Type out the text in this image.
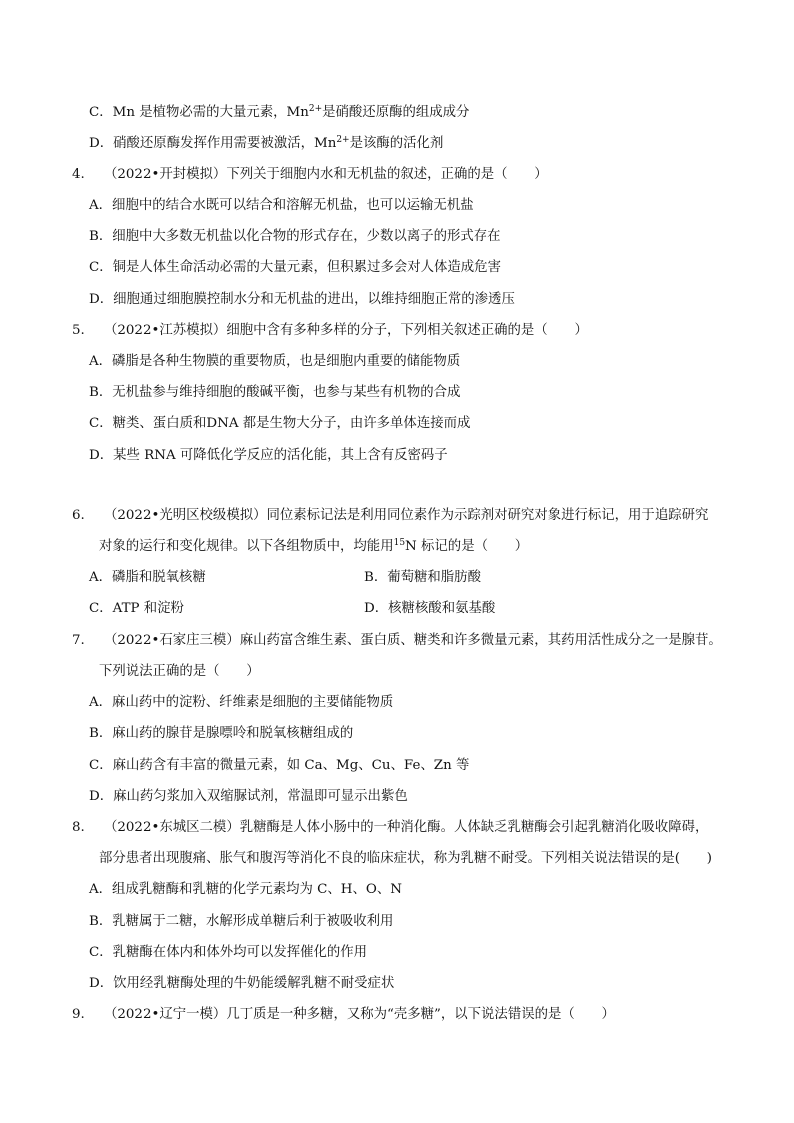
C．Mn 是植物必需的大量元素，$Mn^{2+}$是硝酸还原酶的组成成分
D．硝酸还原酶发挥作用需要被激活，$Mn^{2+}$是该酶的活化剂
4. （2022•开封模拟）下列关于细胞内水和无机盐的叙述，正确的是（　　）
A．细胞中的结合水既可以结合和溶解无机盐，也可以运输无机盐
B．细胞中大多数无机盐以化合物的形式存在，少数以离子的形式存在
C．铜是人体生命活动必需的大量元素，但积累过多会对人体造成危害
D．细胞通过细胞膜控制水分和无机盐的进出，以维持细胞正常的渗透压
5. （2022•江苏模拟）细胞中含有多种多样的分子，下列相关叙述正确的是（　　）
A．磷脂是各种生物膜的重要物质，也是细胞内重要的储能物质
B．无机盐参与维持细胞的酸碱平衡，也参与某些有机物的合成
C．糖类、蛋白质和DNA 都是生物大分子，由许多单体连接而成
D．某些 RNA 可降低化学反应的活化能，其上含有反密码子
6. （2022•光明区校级模拟）同位素标记法是利用同位素作为示踪剂对研究对象进行标记，用于追踪研究
对象的运行和变化规律。以下各组物质中，均能用$^{15}$N 标记的是（　　）
A．磷脂和脱氧核糖	B．葡萄糖和脂肪酸
C．ATP 和淀粉	D．核糖核酸和氨基酸
7. （2022•石家庄三模）麻山药富含维生素、蛋白质、糖类和许多微量元素，其药用活性成分之一是腺苷。
下列说法正确的是（　　）
A．麻山药中的淀粉、纤维素是细胞的主要储能物质
B．麻山药的腺苷是腺嘌呤和脱氧核糖组成的
C．麻山药含有丰富的微量元素，如 Ca、Mg、Cu、Fe、Zn 等
D．麻山药匀浆加入双缩脲试剂，常温即可显示出紫色
8. （2022•东城区二模）乳糖酶是人体小肠中的一种消化酶。人体缺乏乳糖酶会引起乳糖消化吸收障碍，
部分患者出现腹痛、胀气和腹泻等消化不良的临床症状，称为乳糖不耐受。下列相关说法错误的是(　　)
A．组成乳糖酶和乳糖的化学元素均为 C、H、O、N
B．乳糖属于二糖，水解形成单糖后利于被吸收利用
C．乳糖酶在体内和体外均可以发挥催化的作用
D．饮用经乳糖酶处理的牛奶能缓解乳糖不耐受症状
9. （2022•辽宁一模）几丁质是一种多糖，又称为“壳多糖”，以下说法错误的是（　　）
